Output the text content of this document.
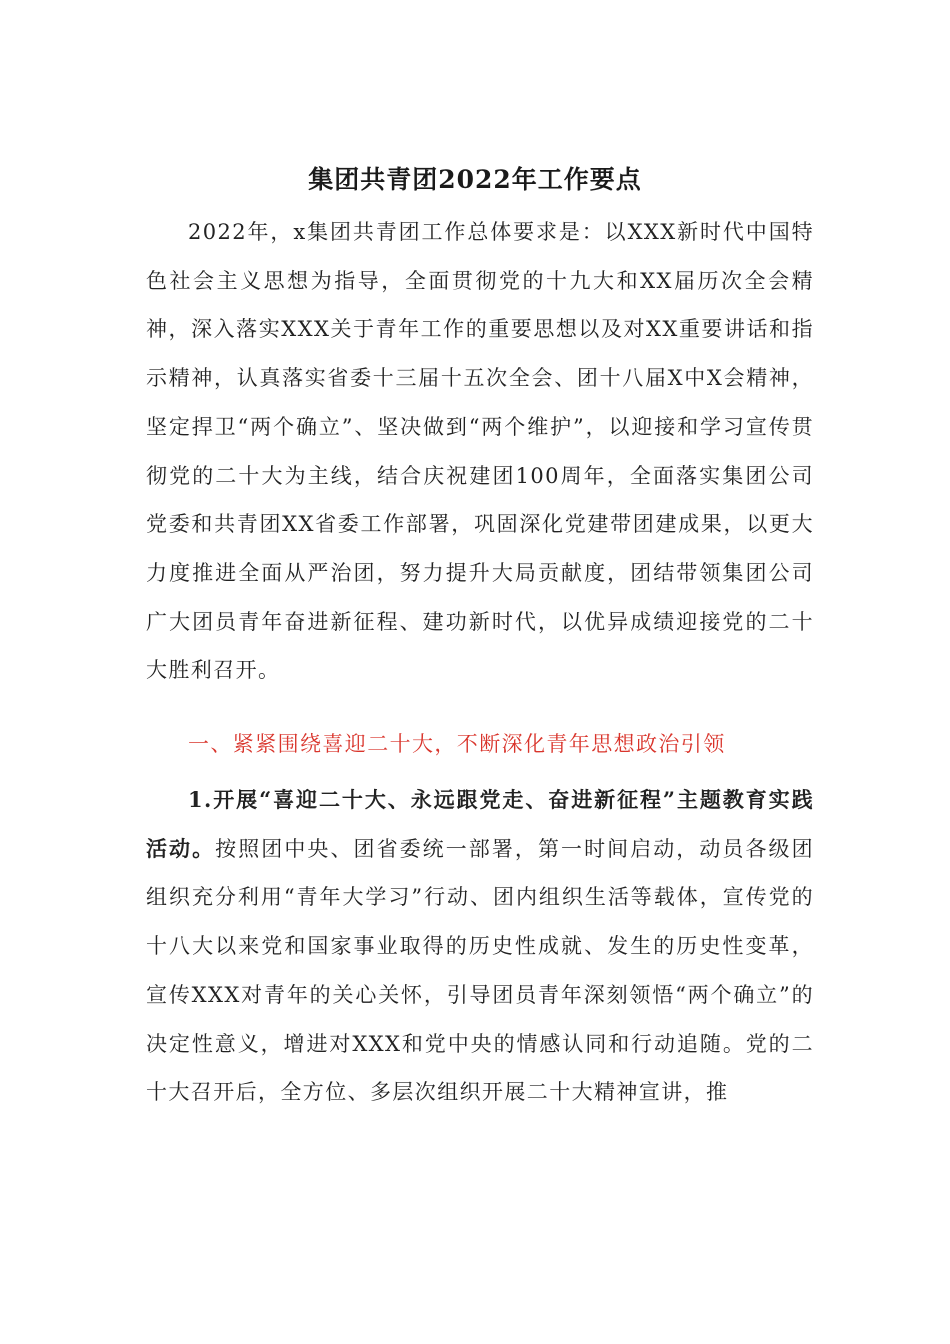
集团共青团2022年工作要点

2022年，x集团共青团工作总体要求是：以XXX新时代中国特色社会主义思想为指导，全面贯彻党的十九大和XX届历次全会精神，深入落实XXX关于青年工作的重要思想以及对XX重要讲话和指示精神，认真落实省委十三届十五次全会、团十八届X中X会精神，坚定捍卫“两个确立”、坚决做到“两个维护”，以迎接和学习宣传贯彻党的二十大为主线，结合庆祝建团100周年，全面落实集团公司党委和共青团XX省委工作部署，巩固深化党建带团建成果，以更大力度推进全面从严治团，努力提升大局贡献度，团结带领集团公司广大团员青年奋进新征程、建功新时代，以优异成绩迎接党的二十大胜利召开。

一、紧紧围绕喜迎二十大，不断深化青年思想政治引领

1.开展“喜迎二十大、永远跟党走、奋进新征程”主题教育实践活动。按照团中央、团省委统一部署，第一时间启动，动员各级团组织充分利用“青年大学习”行动、团内组织生活等载体，宣传党的十八大以来党和国家事业取得的历史性成就、发生的历史性变革，宣传XXX对青年的关心关怀，引导团员青年深刻领悟“两个确立”的决定性意义，增进对XXX和党中央的情感认同和行动追随。党的二十大召开后，全方位、多层次组织开展二十大精神宣讲，推
